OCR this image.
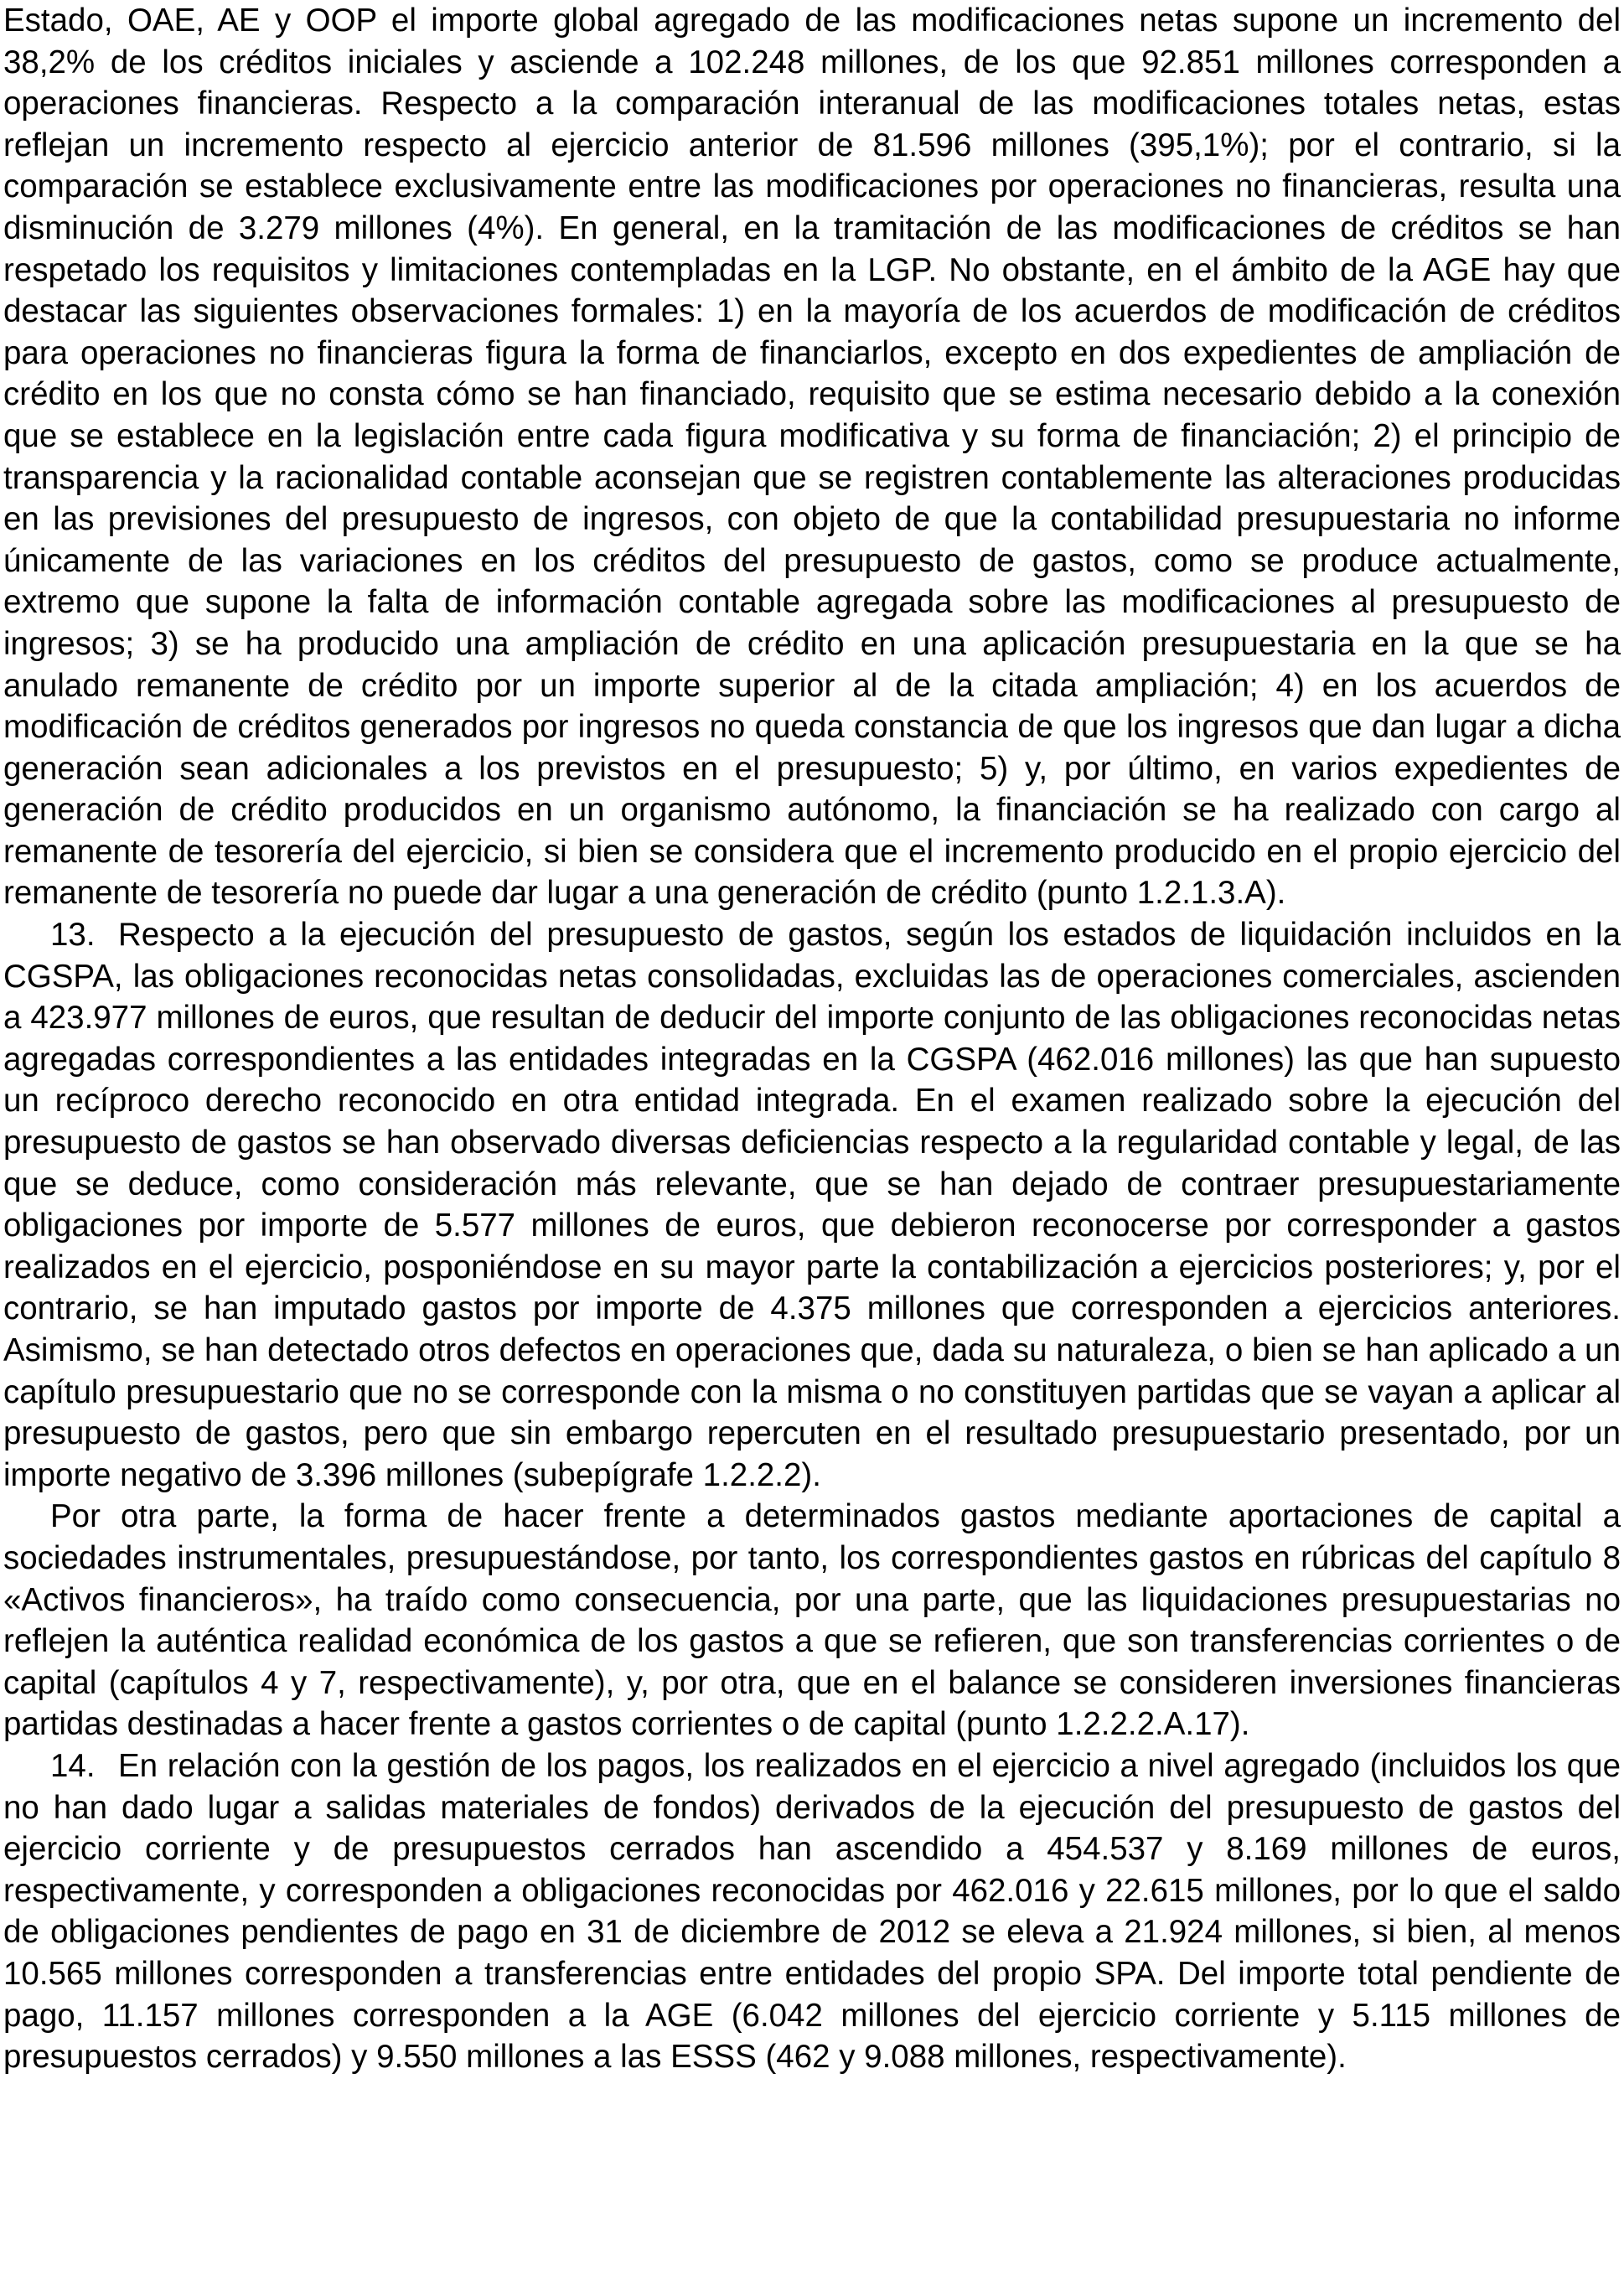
Estado, OAE, AE y OOP el importe global agregado de las modificaciones netas supone un incremento del 38,2% de los créditos iniciales y asciende a 102.248 millones, de los que 92.851 millones corresponden a operaciones financieras. Respecto a la comparación interanual de las modificaciones totales netas, estas reflejan un incremento respecto al ejercicio anterior de 81.596 millones (395,1%); por el contrario, si la comparación se establece exclusivamente entre las modificaciones por operaciones no financieras, resulta una disminución de 3.279 millones (4%). En general, en la tramitación de las modificaciones de créditos se han respetado los requisitos y limitaciones contempladas en la LGP. No obstante, en el ámbito de la AGE hay que destacar las siguientes observaciones formales: 1) en la mayoría de los acuerdos de modificación de créditos para operaciones no financieras figura la forma de financiarlos, excepto en dos expedientes de ampliación de crédito en los que no consta cómo se han financiado, requisito que se estima necesario debido a la conexión que se establece en la legislación entre cada figura modificativa y su forma de financiación; 2) el principio de transparencia y la racionalidad contable aconsejan que se registren contablemente las alteraciones producidas en las previsiones del presupuesto de ingresos, con objeto de que la contabilidad presupuestaria no informe únicamente de las variaciones en los créditos del presupuesto de gastos, como se produce actualmente, extremo que supone la falta de información contable agregada sobre las modificaciones al presupuesto de ingresos; 3) se ha producido una ampliación de crédito en una aplicación presupuestaria en la que se ha anulado remanente de crédito por un importe superior al de la citada ampliación; 4) en los acuerdos de modificación de créditos generados por ingresos no queda constancia de que los ingresos que dan lugar a dicha generación sean adicionales a los previstos en el presupuesto; 5) y, por último, en varios expedientes de generación de crédito producidos en un organismo autónomo, la financiación se ha realizado con cargo al remanente de tesorería del ejercicio, si bien se considera que el incremento producido en el propio ejercicio del remanente de tesorería no puede dar lugar a una generación de crédito (punto 1.2.1.3.A).

13. Respecto a la ejecución del presupuesto de gastos, según los estados de liquidación incluidos en la CGSPA, las obligaciones reconocidas netas consolidadas, excluidas las de operaciones comerciales, ascienden a 423.977 millones de euros, que resultan de deducir del importe conjunto de las obligaciones reconocidas netas agregadas correspondientes a las entidades integradas en la CGSPA (462.016 millones) las que han supuesto un recíproco derecho reconocido en otra entidad integrada. En el examen realizado sobre la ejecución del presupuesto de gastos se han observado diversas deficiencias respecto a la regularidad contable y legal, de las que se deduce, como consideración más relevante, que se han dejado de contraer presupuestariamente obligaciones por importe de 5.577 millones de euros, que debieron reconocerse por corresponder a gastos realizados en el ejercicio, posponiéndose en su mayor parte la contabilización a ejercicios posteriores; y, por el contrario, se han imputado gastos por importe de 4.375 millones que corresponden a ejercicios anteriores. Asimismo, se han detectado otros defectos en operaciones que, dada su naturaleza, o bien se han aplicado a un capítulo presupuestario que no se corresponde con la misma o no constituyen partidas que se vayan a aplicar al presupuesto de gastos, pero que sin embargo repercuten en el resultado presupuestario presentado, por un importe negativo de 3.396 millones (subepígrafe 1.2.2.2).

Por otra parte, la forma de hacer frente a determinados gastos mediante aportaciones de capital a sociedades instrumentales, presupuestándose, por tanto, los correspondientes gastos en rúbricas del capítulo 8 «Activos financieros», ha traído como consecuencia, por una parte, que las liquidaciones presupuestarias no reflejen la auténtica realidad económica de los gastos a que se refieren, que son transferencias corrientes o de capital (capítulos 4 y 7, respectivamente), y, por otra, que en el balance se consideren inversiones financieras partidas destinadas a hacer frente a gastos corrientes o de capital (punto 1.2.2.2.A.17).

14. En relación con la gestión de los pagos, los realizados en el ejercicio a nivel agregado (incluidos los que no han dado lugar a salidas materiales de fondos) derivados de la ejecución del presupuesto de gastos del ejercicio corriente y de presupuestos cerrados han ascendido a 454.537 y 8.169 millones de euros, respectivamente, y corresponden a obligaciones reconocidas por 462.016 y 22.615 millones, por lo que el saldo de obligaciones pendientes de pago en 31 de diciembre de 2012 se eleva a 21.924 millones, si bien, al menos 10.565 millones corresponden a transferencias entre entidades del propio SPA. Del importe total pendiente de pago, 11.157 millones corresponden a la AGE (6.042 millones del ejercicio corriente y 5.115 millones de presupuestos cerrados) y 9.550 millones a las ESSS (462 y 9.088 millones, respectivamente).
